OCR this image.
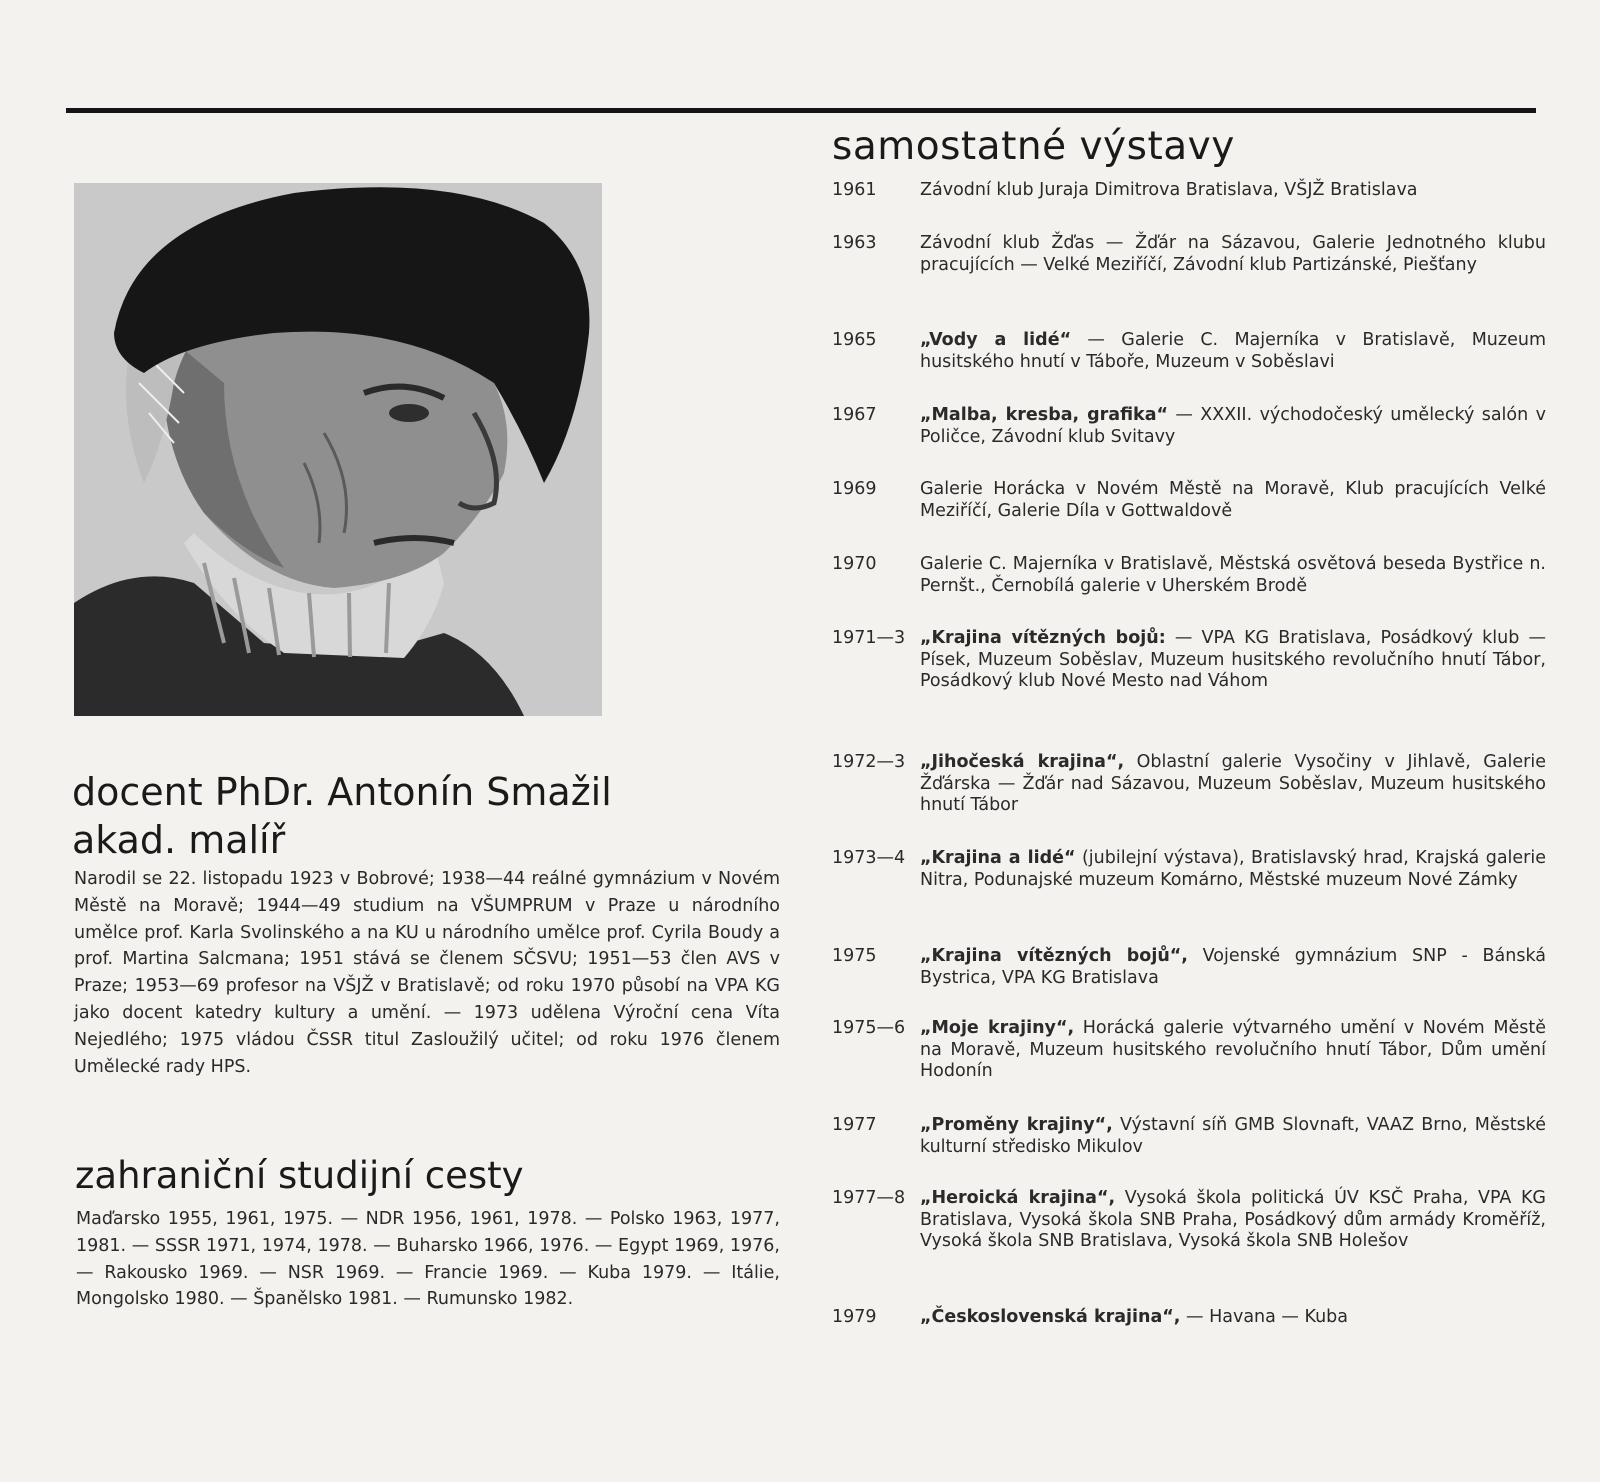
samostatné výstavy
docent PhDr. Antonín Smažil
akad. malíř

Narodil se 22. listopadu 1923 v Bobrové; 1938—44 reálné gymnázium v Novém Městě na Moravě; 1944—49 studium na VŠUMPRUM v Praze u národního umělce prof. Karla Svolinského a na KU u národního umělce prof. Cyrila Boudy a prof. Martina Salcmana; 1951 stává se členem SČSVU; 1951—53 člen AVS v Praze; 1953—69 profesor na VŠJŽ v Bratislavě; od roku 1970 působí na VPA KG jako docent katedry kultury a umění. — 1973 udělena Výroční cena Víta Nejedlého; 1975 vládou ČSSR titul Zasloužilý učitel; od roku 1976 členem Umělecké rady HPS.

zahraniční studijní cesty

Maďarsko 1955, 1961, 1975. — NDR 1956, 1961, 1978. — Polsko 1963, 1977, 1981. — SSSR 1971, 1974, 1978. — Buharsko 1966, 1976. — Egypt 1969, 1976, — Rakousko 1969. — NSR 1969. — Francie 1969. — Kuba 1979. — Itálie, Mongolsko 1980. — Španělsko 1981. — Rumunsko 1982.

1961	Závodní klub Juraja Dimitrova Bratislava, VŠJŽ Bratislava
1963	Závodní klub Žďas — Žďár na Sázavou, Galerie Jednotného klubu pracujících — Velké Meziříčí, Závodní klub Partizánské, Piešťany
1965	„Vody a lidé“ — Galerie C. Majerníka v Bratislavě, Muzeum husitského hnutí v Táboře, Muzeum v Soběslavi
1967	„Malba, kresba, grafika“ — XXXII. východočeský umělecký salón v Poličce, Závodní klub Svitavy
1969	Galerie Horácka v Novém Městě na Moravě, Klub pracujících Velké Meziříčí, Galerie Díla v Gottwaldově
1970	Galerie C. Majerníka v Bratislavě, Městská osvětová beseda Bystřice n. Pernšt., Černobílá galerie v Uherském Brodě
1971—3 „Krajina vítězných bojů: — VPA KG Bratislava, Posádkový klub — Písek, Muzeum Soběslav, Muzeum husitského revolučního hnutí Tábor, Posádkový klub Nové Mesto nad Váhom
1972—3 „Jihočeská krajina“, Oblastní galerie Vysočiny v Jihlavě, Galerie Žďárska — Žďár nad Sázavou, Muzeum Soběslav, Muzeum husitského hnutí Tábor
1973—4 „Krajina a lidé“ (jubilejní výstava), Bratislavský hrad, Krajská galerie Nitra, Podunajské muzeum Komárno, Městské muzeum Nové Zámky
1975	„Krajina vítězných bojů“, Vojenské gymnázium SNP - Bánská Bystrica, VPA KG Bratislava
1975—6 „Moje krajiny“, Horácká galerie výtvarného umění v Novém Městě na Moravě, Muzeum husitského revolučního hnutí Tábor, Dům umění Hodonín
1977	„Proměny krajiny“, Výstavní síň GMB Slovnaft, VAAZ Brno, Městské kulturní středisko Mikulov
1977—8 „Heroická krajina“, Vysoká škola politická ÚV KSČ Praha, VPA KG Bratislava, Vysoká škola SNB Praha, Posádkový dům armády Kroměříž, Vysoká škola SNB Bratislava, Vysoká škola SNB Holešov
1979	„Československá krajina“, — Havana — Kuba
